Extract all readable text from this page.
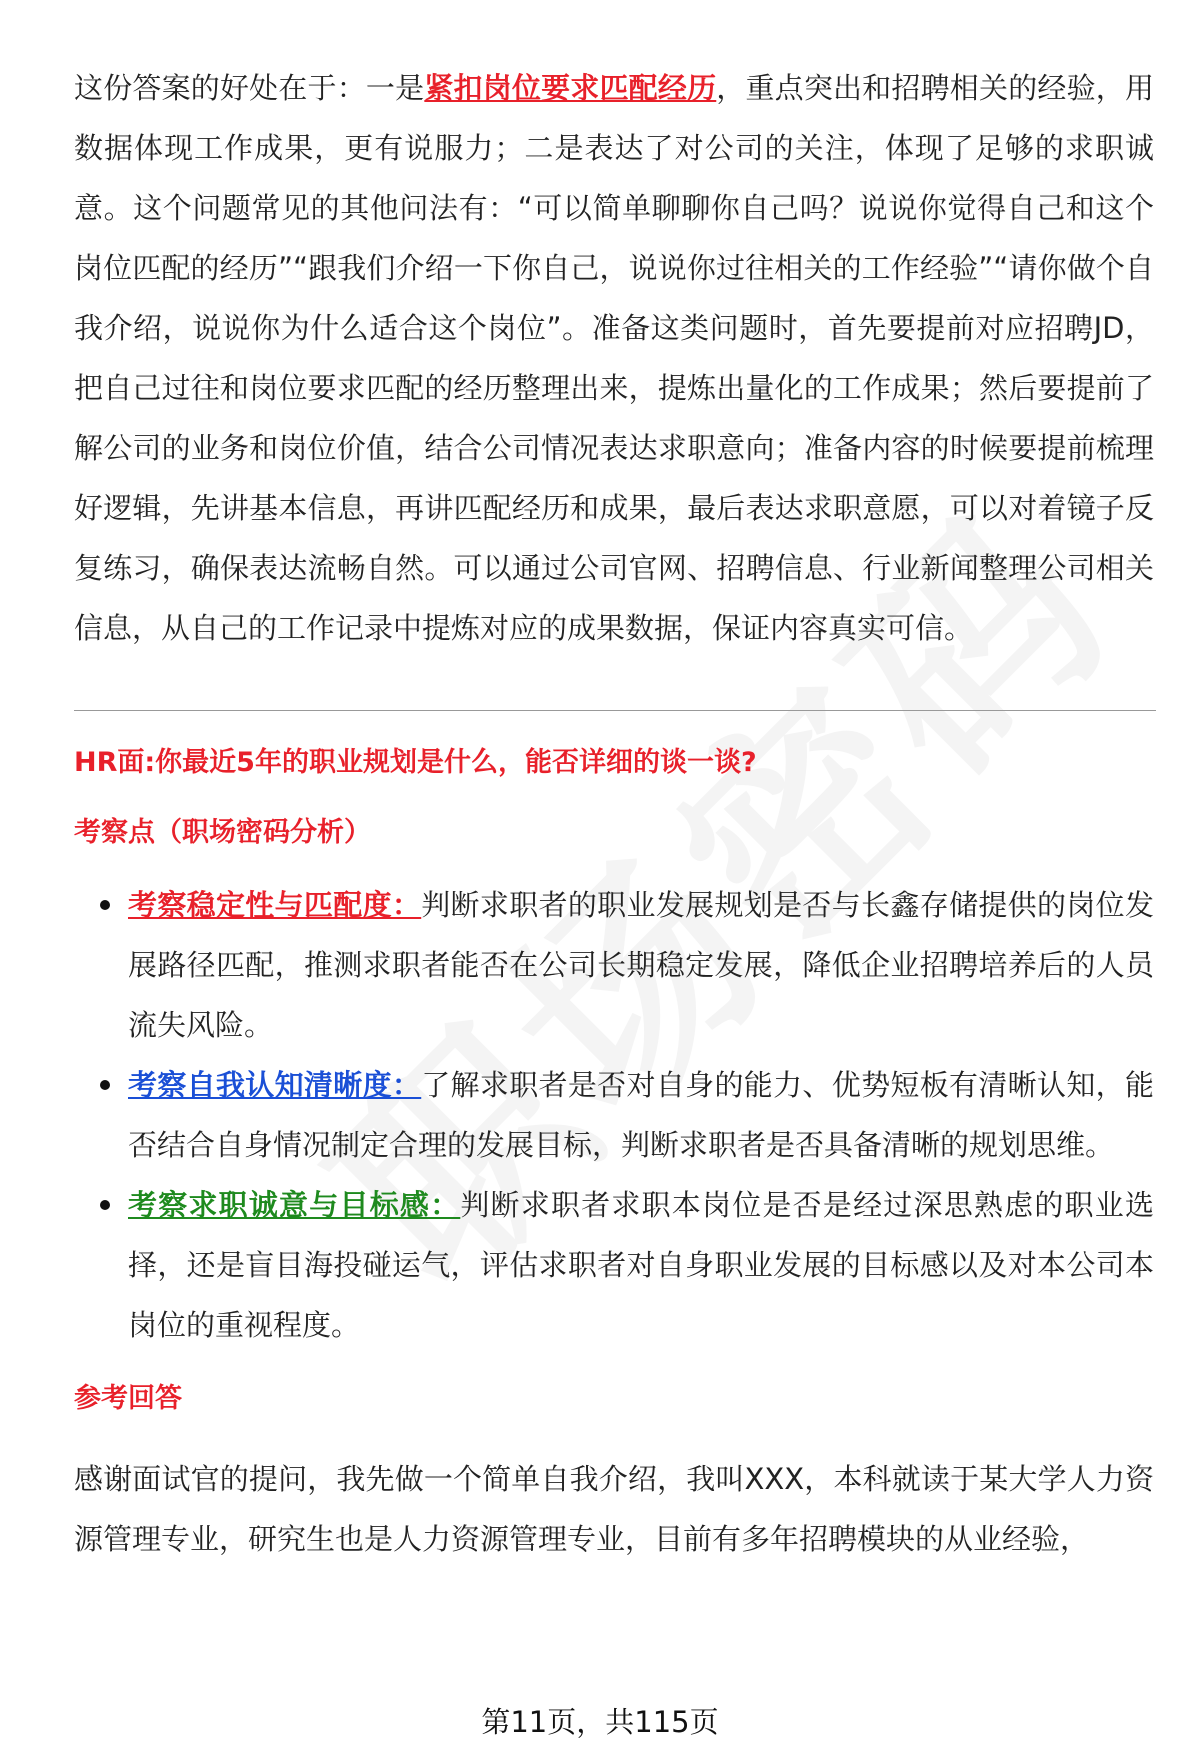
这份答案的好处在于：一是紧扣岗位要求匹配经历，重点突出和招聘相关的经验，用数据体现工作成果，更有说服力；二是表达了对公司的关注，体现了足够的求职诚意。这个问题常见的其他问法有：“可以简单聊聊你自己吗？说说你觉得自己和这个岗位匹配的经历”“跟我们介绍一下你自己，说说你过往相关的工作经验”“请你做个自我介绍，说说你为什么适合这个岗位”。准备这类问题时，首先要提前对应招聘JD，把自己过往和岗位要求匹配的经历整理出来，提炼出量化的工作成果；然后要提前了解公司的业务和岗位价值，结合公司情况表达求职意向；准备内容的时候要提前梳理好逻辑，先讲基本信息，再讲匹配经历和成果，最后表达求职意愿，可以对着镜子反复练习，确保表达流畅自然。可以通过公司官网、招聘信息、行业新闻整理公司相关信息，从自己的工作记录中提炼对应的成果数据，保证内容真实可信。

HR面:你最近5年的职业规划是什么，能否详细的谈一谈?
考察点（职场密码分析）
考察稳定性与匹配度：判断求职者的职业发展规划是否与长鑫存储提供的岗位发展路径匹配，推测求职者能否在公司长期稳定发展，降低企业招聘培养后的人员流失风险。
考察自我认知清晰度：了解求职者是否对自身的能力、优势短板有清晰认知，能否结合自身情况制定合理的发展目标，判断求职者是否具备清晰的规划思维。
考察求职诚意与目标感：判断求职者求职本岗位是否是经过深思熟虑的职业选择，还是盲目海投碰运气，评估求职者对自身职业发展的目标感以及对本公司本岗位的重视程度。
参考回答

感谢面试官的提问，我先做一个简单自我介绍，我叫XXX，本科就读于某大学人力资源管理专业，研究生也是人力资源管理专业，目前有多年招聘模块的从业经验，

第11页，共115页
